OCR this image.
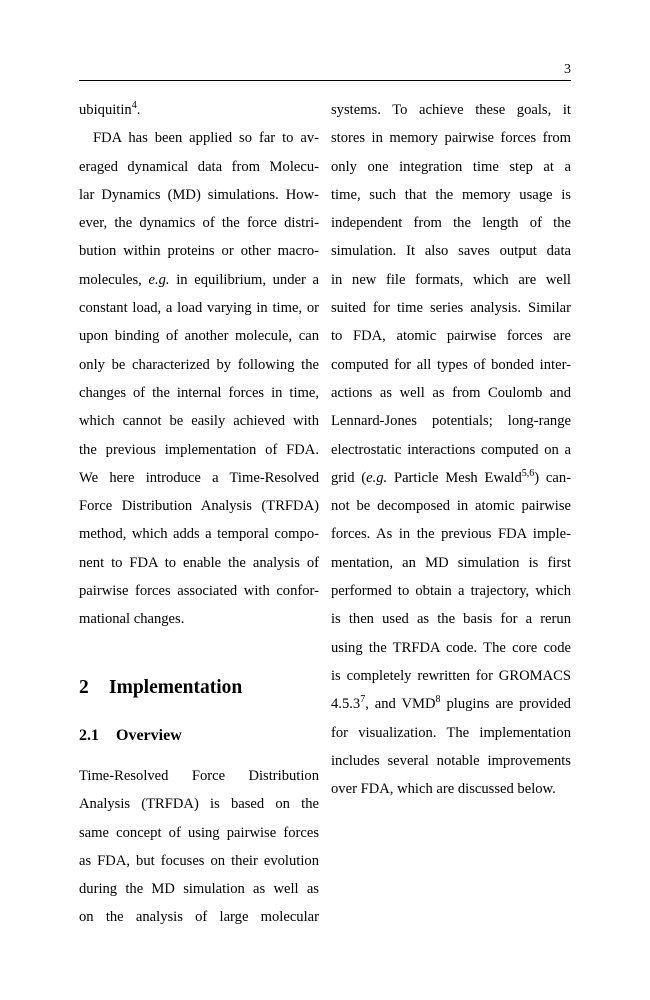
3
ubiquitin$^4$.
FDA has been applied so far to av-
eraged dynamical data from Molecu-
lar Dynamics (MD) simulations. How-
ever, the dynamics of the force distri-
bution within proteins or other macro-
molecules, e.g. in equilibrium, under a
constant load, a load varying in time, or
upon binding of another molecule, can
only be characterized by following the
changes of the internal forces in time,
which cannot be easily achieved with
the previous implementation of FDA.
We here introduce a Time-Resolved
Force Distribution Analysis (TRFDA)
method, which adds a temporal compo-
nent to FDA to enable the analysis of
pairwise forces associated with confor-
mational changes.
2 Implementation
2.1 Overview
Time-Resolved Force Distribution
Analysis (TRFDA) is based on the
same concept of using pairwise forces
as FDA, but focuses on their evolution
during the MD simulation as well as
on the analysis of large molecular
systems. To achieve these goals, it
stores in memory pairwise forces from
only one integration time step at a
time, such that the memory usage is
independent from the length of the
simulation. It also saves output data
in new file formats, which are well
suited for time series analysis. Similar
to FDA, atomic pairwise forces are
computed for all types of bonded inter-
actions as well as from Coulomb and
Lennard-Jones potentials; long-range
electrostatic interactions computed on a
grid (e.g. Particle Mesh Ewald$^{5,6}$) can-
not be decomposed in atomic pairwise
forces. As in the previous FDA imple-
mentation, an MD simulation is first
performed to obtain a trajectory, which
is then used as the basis for a rerun
using the TRFDA code. The core code
is completely rewritten for GROMACS
4.5.3$^7$, and VMD$^8$ plugins are provided
for visualization. The implementation
includes several notable improvements
over FDA, which are discussed below.
